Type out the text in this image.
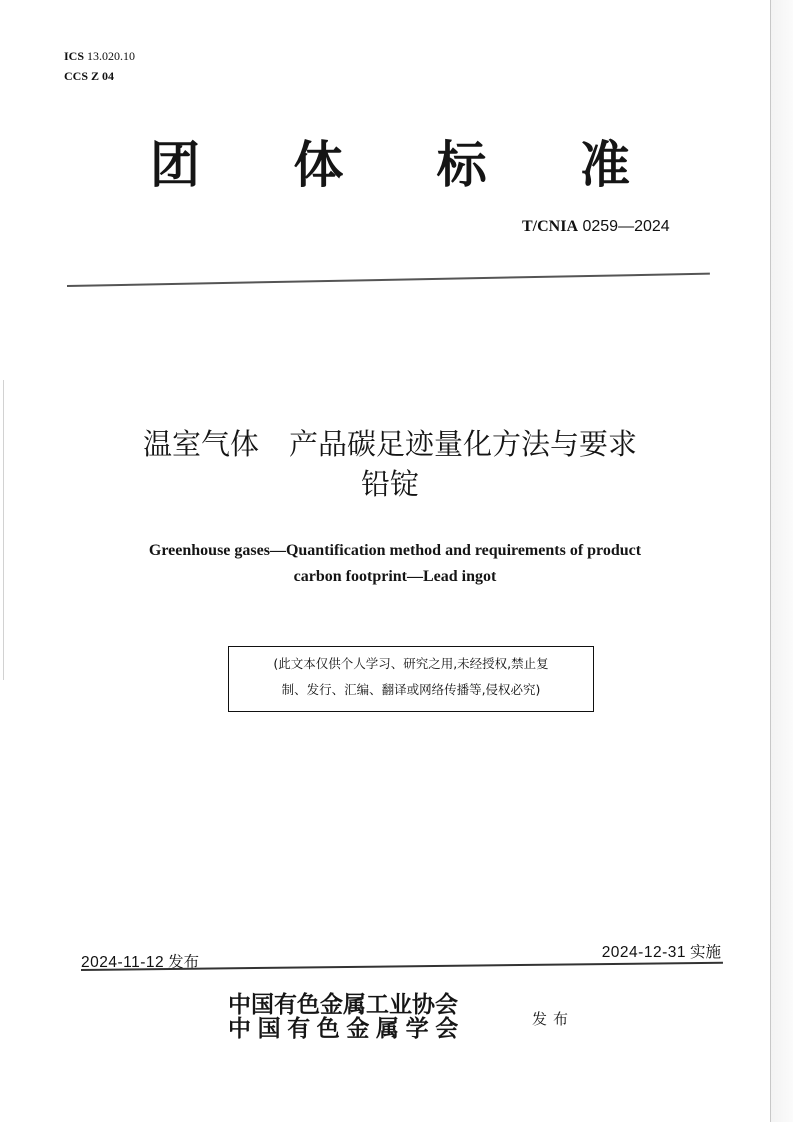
ICS 13.020.10
CCS Z 04
团 体 标 准
T/CNIA 0259—2024
温室气体 产品碳足迹量化方法与要求
铅锭
Greenhouse gases—Quantification method and requirements of product
carbon footprint—Lead ingot
(此文本仅供个人学习、研究之用,未经授权,禁止复
制、发行、汇编、翻译或网络传播等,侵权必究)
2024-11-12 发布
2024-12-31 实施
中国有色金属工业协会
中国有色金属学会	发布
